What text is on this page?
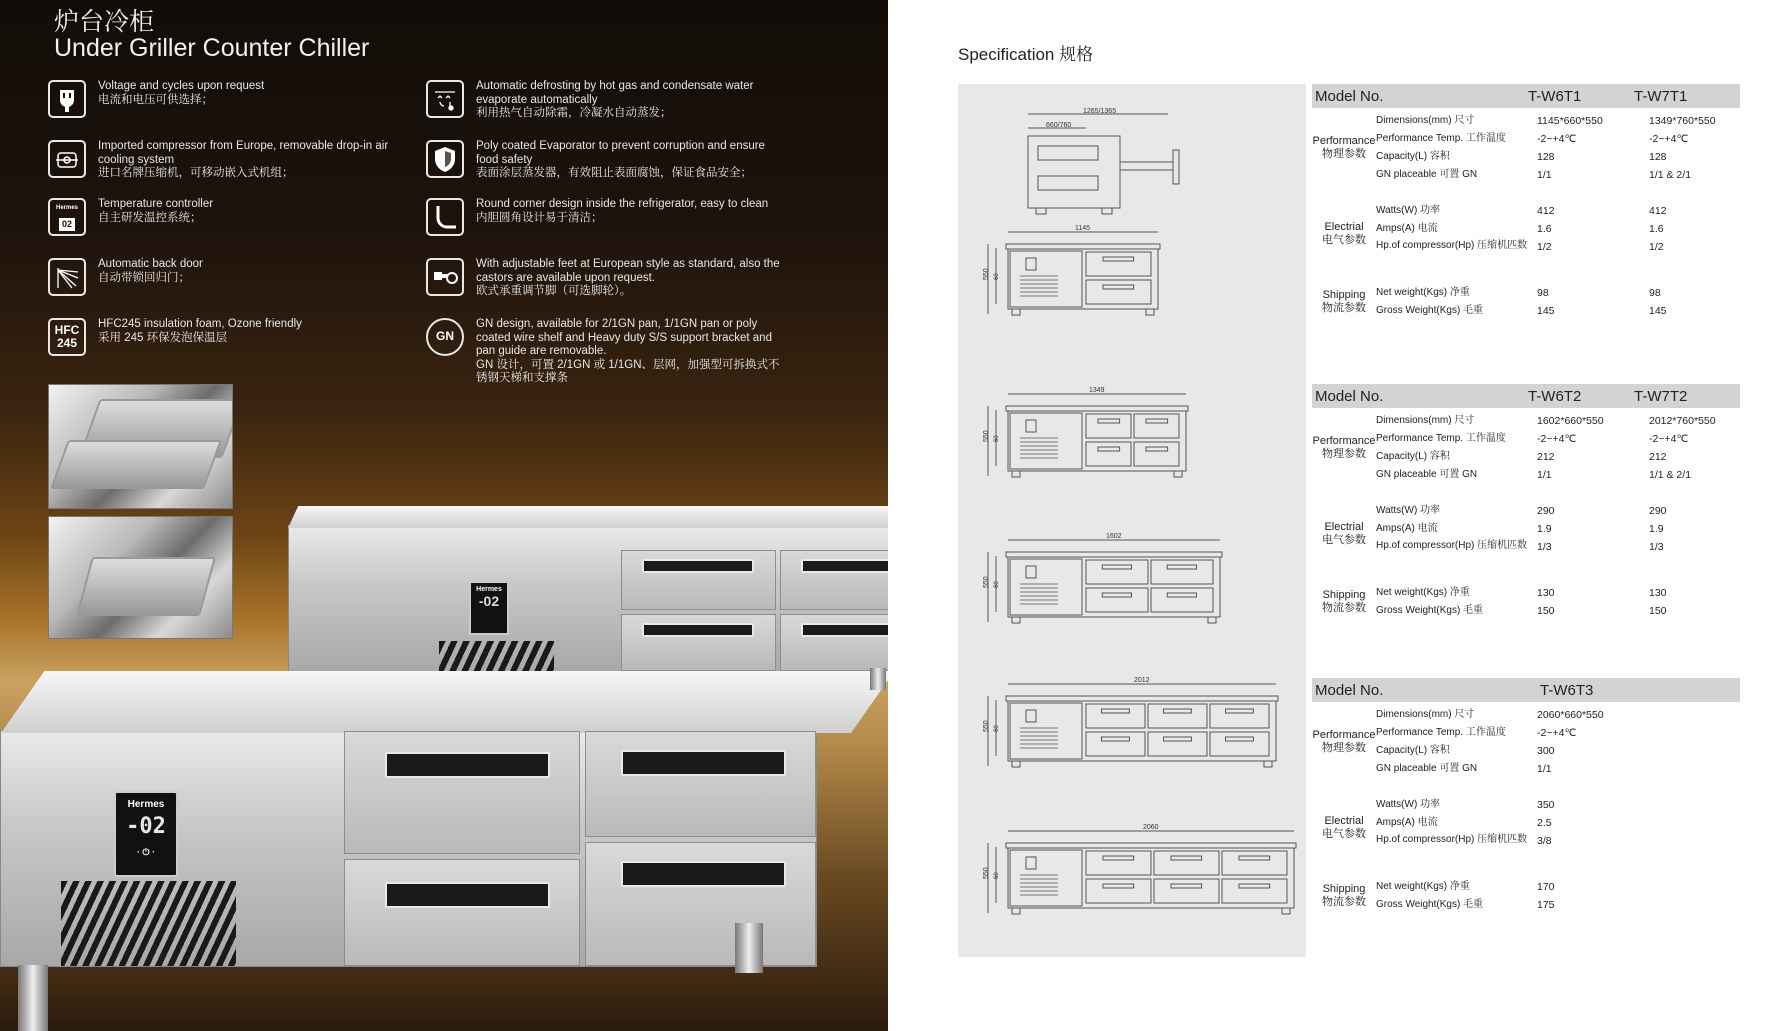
炉台冷柜
Under Griller Counter Chiller
Voltage and cycles upon request
电流和电压可供选择；
Imported compressor from Europe, removable drop-in air cooling system
进口名牌压缩机，可移动嵌入式机组；
Hermes
02
Temperature controller
自主研发温控系统；
Automatic back door
自动带锁回归门；
HFC
245
HFC245 insulation foam, Ozone friendly
采用 245 环保发泡保温层
Automatic defrosting by hot gas and condensate water evaporate automatically
利用热气自动除霜，冷凝水自动蒸发；
Poly coated Evaporator to prevent corruption and ensure food safety
表面涂层蒸发器，有效阻止表面腐蚀，保证食品安全；
Round corner design inside the refrigerator, easy to clean
内胆圆角设计易于清洁；
With adjustable feet at European style as standard, also the castors are available upon request.
欧式承重调节脚（可选脚轮）。
GN
GN design, available for 2/1GN pan, 1/1GN pan or poly coated wire shelf and Heavy duty S/S support bracket and pan guide are removable.
GN 设计，可置 2/1GN 或 1/1GN、层网，加强型可拆换式不锈钢天梯和支撑条
Hermes
-02
Hermes
-02
· ⏻ ·
Specification 规格
1265/1365
660/760
1145
550 60
1349
550 60
1602
550 60
2012
550 60
2060
550 60
Model No.	T-W6T1	T-W7T1
Performance
物理参数
Dimensions(mm) 尺寸	1145*660*550	1349*760*550
Performance Temp. 工作温度	-2~+4℃	-2~+4℃
Capacity(L) 容积	128	128
GN placeable 可置 GN	1/1	1/1 & 2/1
Electrial
电气参数
Watts(W) 功率	412	412
Amps(A) 电流	1.6	1.6
Hp.of compressor(Hp) 压缩机匹数 1/2	1/2
Shipping
物流参数
Net weight(Kgs) 净重	98	98
Gross Weight(Kgs) 毛重	145	145
Model No.	T-W6T2	T-W7T2
Performance
物理参数
Dimensions(mm) 尺寸	1602*660*550	2012*760*550
Performance Temp. 工作温度	-2~+4℃	-2~+4℃
Capacity(L) 容积	212	212
GN placeable 可置 GN	1/1	1/1 & 2/1
Electrial
电气参数
Watts(W) 功率	290	290
Amps(A) 电流	1.9	1.9
Hp.of compressor(Hp) 压缩机匹数 1/3	1/3
Shipping
物流参数
Net weight(Kgs) 净重	130	130
Gross Weight(Kgs) 毛重	150	150
Model No.	T-W6T3
Performance
物理参数
Dimensions(mm) 尺寸	2060*660*550
Performance Temp. 工作温度	-2~+4℃
Capacity(L) 容积	300
GN placeable 可置 GN	1/1
Electrial
电气参数
Watts(W) 功率	350
Amps(A) 电流	2.5
Hp.of compressor(Hp) 压缩机匹数 3/8
Shipping
物流参数
Net weight(Kgs) 净重	170
Gross Weight(Kgs) 毛重	175
